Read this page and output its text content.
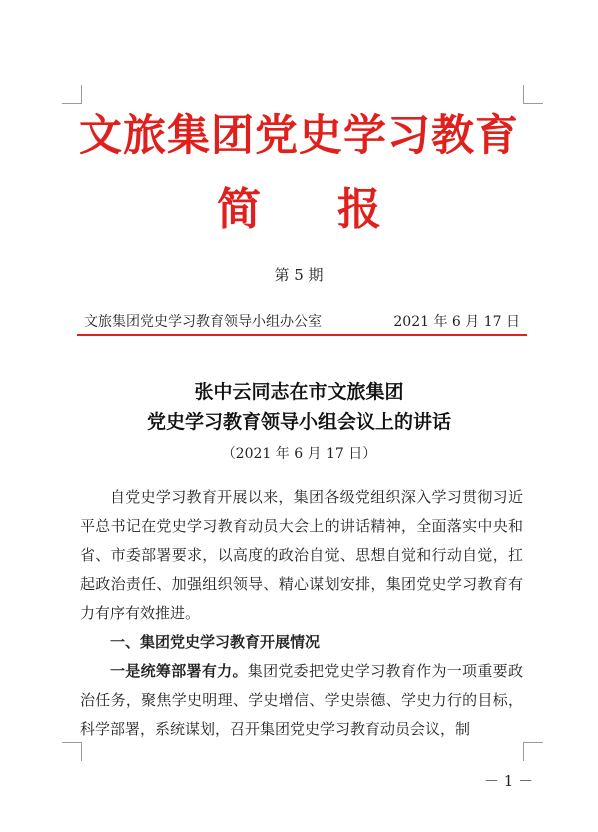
文旅集团党史学习教育
简 报
第 5 期
文旅集团党史学习教育领导小组办公室	2021 年 6 月 17 日
张中云同志在市文旅集团
党史学习教育领导小组会议上的讲话
（2021 年 6 月 17 日）

自党史学习教育开展以来，集团各级党组织深入学习贯彻习近平总书记在党史学习教育动员大会上的讲话精神，全面落实中央和省、市委部署要求，以高度的政治自觉、思想自觉和行动自觉，扛起政治责任、加强组织领导、精心谋划安排，集团党史学习教育有力有序有效推进。

一、集团党史学习教育开展情况

一是统筹部署有力。集团党委把党史学习教育作为一项重要政治任务，聚焦学史明理、学史增信、学史崇德、学史力行的目标，科学部署，系统谋划，召开集团党史学习教育动员会议，制

－ 1 －
